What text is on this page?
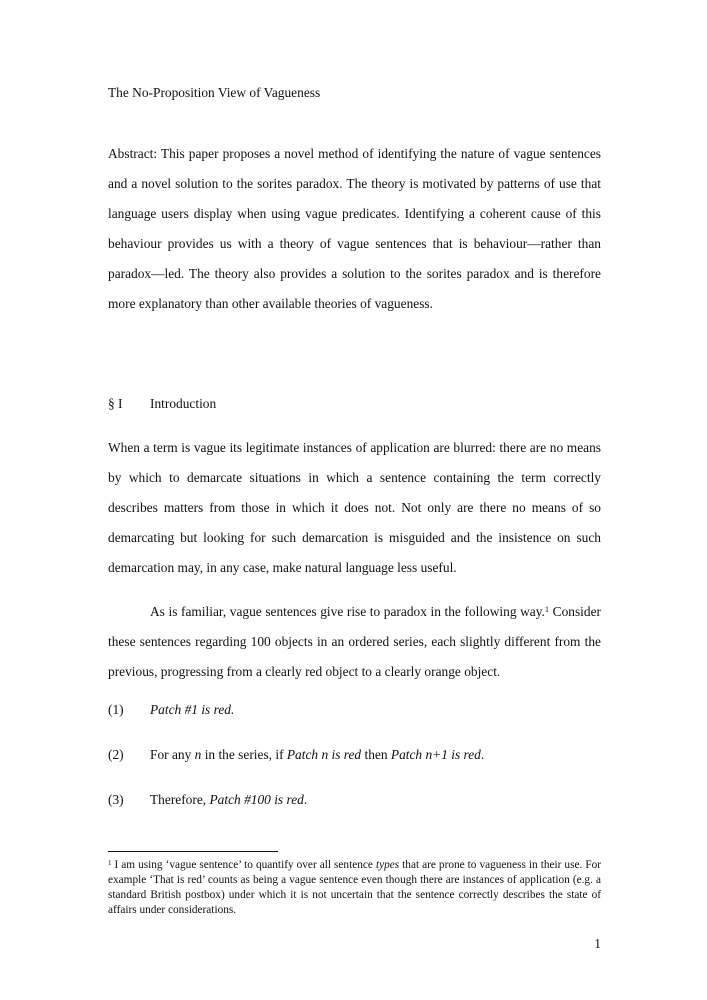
The No-Proposition View of Vagueness
Abstract: This paper proposes a novel method of identifying the nature of vague sentences and a novel solution to the sorites paradox. The theory is motivated by patterns of use that language users display when using vague predicates. Identifying a coherent cause of this behaviour provides us with a theory of vague sentences that is behaviour—rather than paradox—led. The theory also provides a solution to the sorites paradox and is therefore more explanatory than other available theories of vagueness.
§ I Introduction
When a term is vague its legitimate instances of application are blurred: there are no means by which to demarcate situations in which a sentence containing the term correctly describes matters from those in which it does not. Not only are there no means of so demarcating but looking for such demarcation is misguided and the insistence on such demarcation may, in any case, make natural language less useful.
As is familiar, vague sentences give rise to paradox in the following way.$^1$ Consider these sentences regarding 100 objects in an ordered series, each slightly different from the previous, progressing from a clearly red object to a clearly orange object.
(1) Patch #1 is red.
(2) For any n in the series, if Patch n is red then Patch n+1 is red.
(3) Therefore, Patch #100 is red.
$^1$ I am using ‘vague sentence’ to quantify over all sentence types that are prone to vagueness in their use. For example ‘That is red’ counts as being a vague sentence even though there are instances of application (e.g. a standard British postbox) under which it is not uncertain that the sentence correctly describes the state of affairs under considerations.
1
